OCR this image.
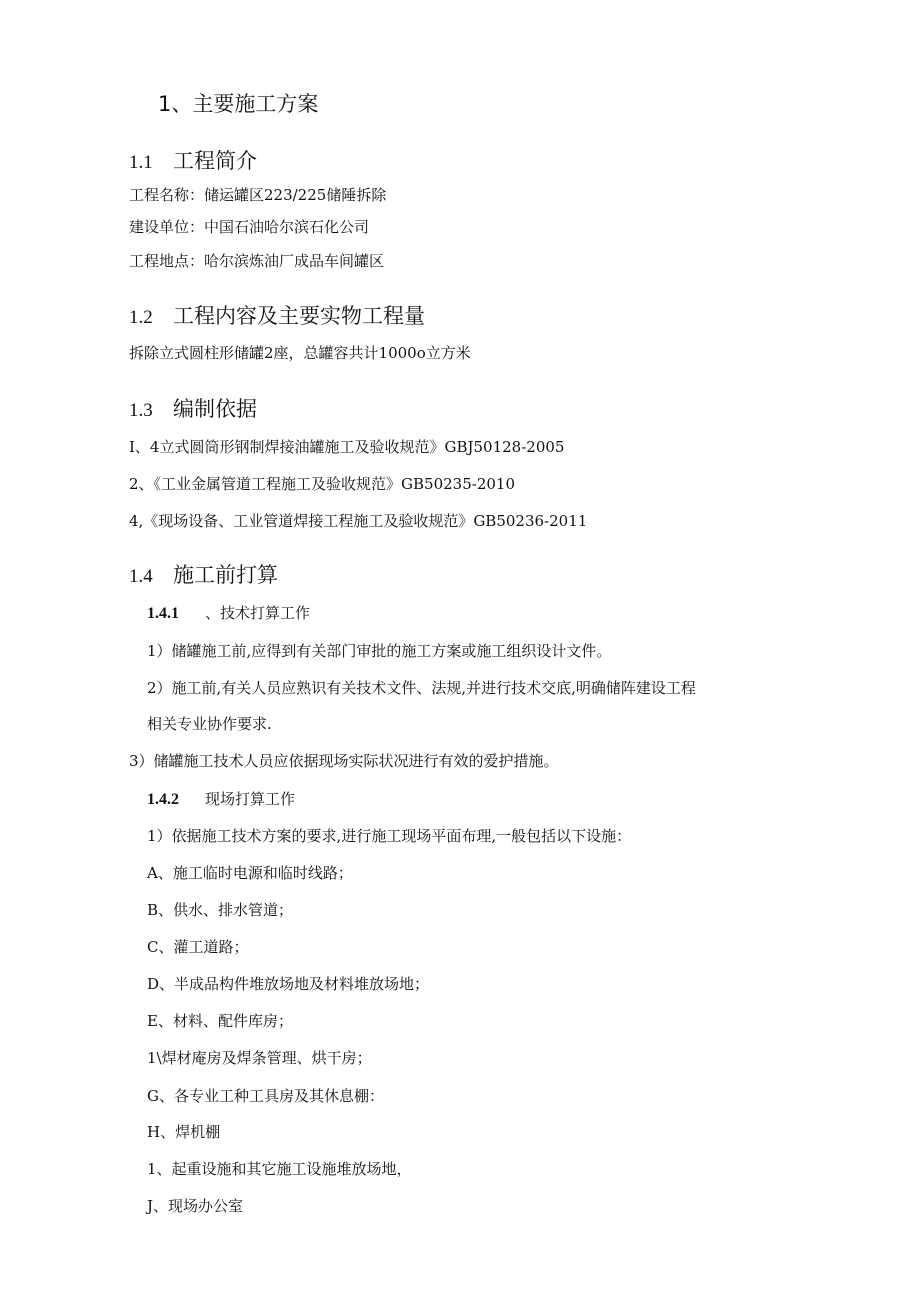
1、主要施工方案
1.1 工程简介
工程名称：储运罐区223/225储陲拆除
建设单位：中国石油哈尔滨石化公司
工程地点：哈尔滨炼油厂成品车间罐区
1.2 工程内容及主要实物工程量
拆除立式圆柱形储罐2座，总罐容共计1000o立方米
1.3 编制依据
I、4立式圆筒形钢制焊接油罐施工及验收规范》GBJ50128-2005
2、《工业金属管道工程施工及验收规范》GB50235-2010
4,《现场设备、工业管道焊接工程施工及验收规范》GB50236-2011
1.4 施工前打算
1.4.1 、技术打算工作
1）储罐施工前,应得到有关部门审批的施工方案或施工组织设计文件。
2）施工前,有关人员应熟识有关技术文件、法规,并进行技术交底,明确储阵建设工程
相关专业协作要求.
3）储罐施工技术人员应依据现场实际状况进行有效的爱护措施。
1.4.2 现场打算工作
1）依据施工技术方案的要求,进行施工现场平面布理,一般包括以下设施：
A、施工临时电源和临时线路；
B、供水、排水管道；
C、灌工道路；
D、半成品构件堆放场地及材料堆放场地；
E、材料、配件库房；
1\焊材庵房及焊条管理、烘干房；
G、各专业工种工具房及其休息棚：
H、焊机棚
1、起重设施和其它施工设施堆放场地，
J、现场办公室
